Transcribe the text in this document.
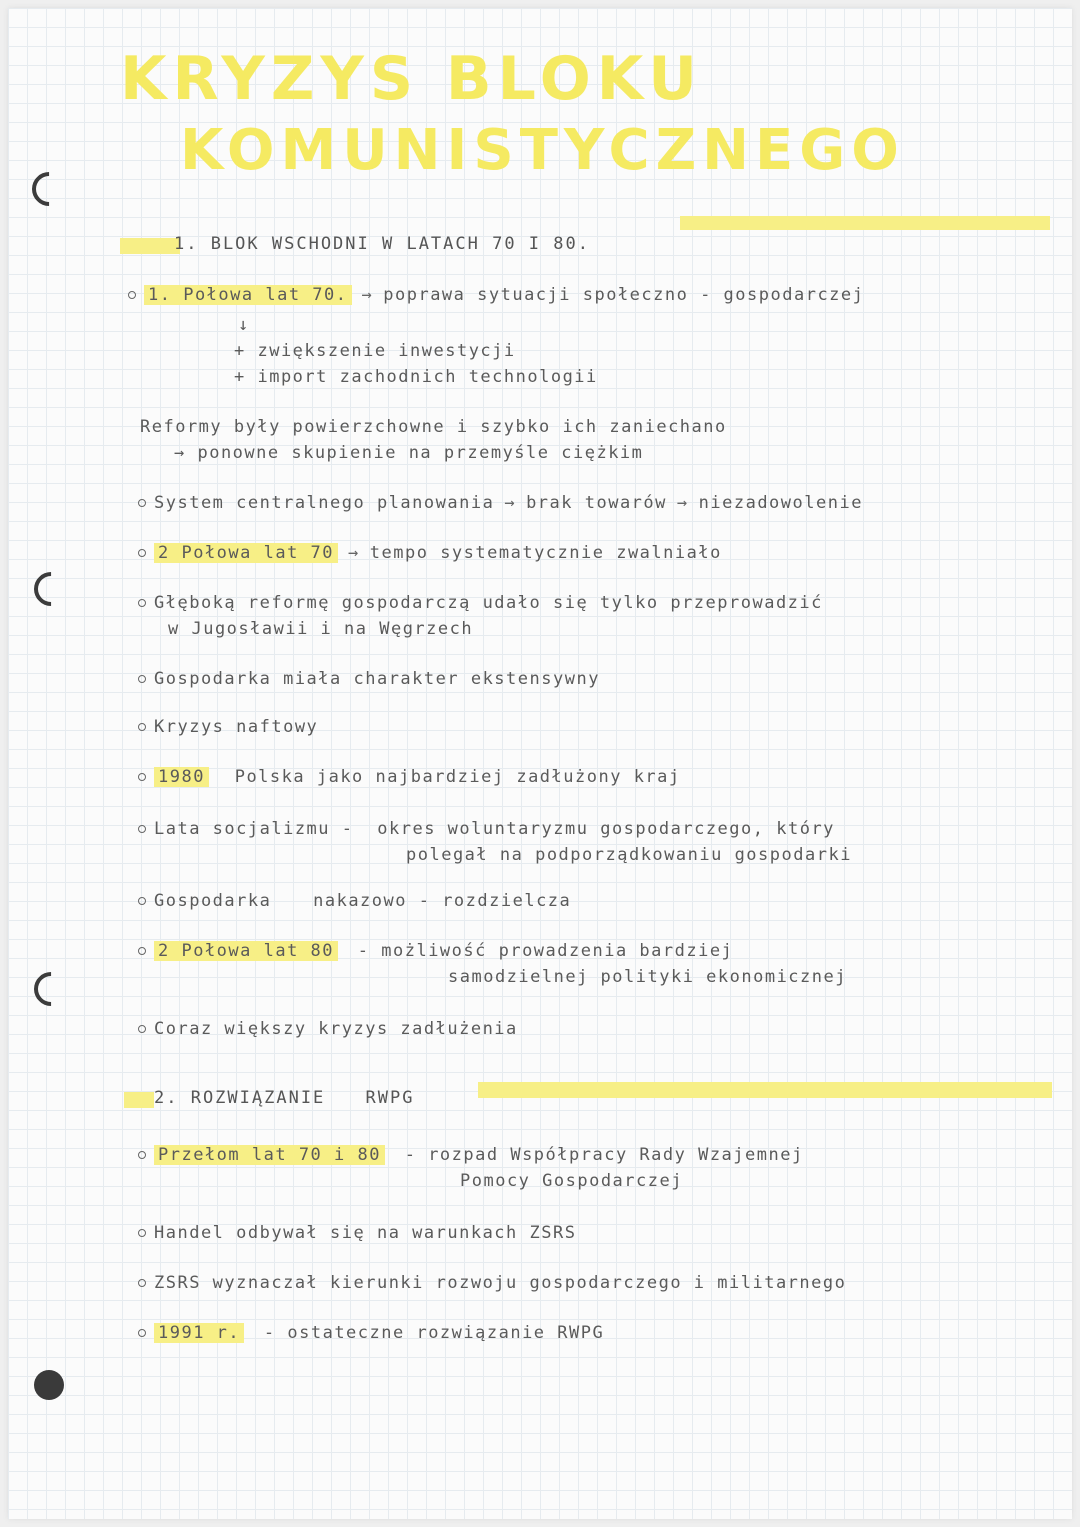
KRYZYS BLOKU
KOMUNISTYCZNEGO
1. BLOK WSCHODNI W LATACH 70 I 80.
1. Połowa lat 70. → poprawa sytuacji społeczno - gospodarczej
↓
+ zwiększenie inwestycji
+ import zachodnich technologii
Reformy były powierzchowne i szybko ich zaniechano
→ ponowne skupienie na przemyśle ciężkim
System centralnego planowania → brak towarów → niezadowolenie
2 Połowa lat 70 → tempo systematycznie zwalniało
Głęboką reformę gospodarczą udało się tylko przeprowadzić
w Jugosławii i na Węgrzech
Gospodarka miała charakter ekstensywny
Kryzys naftowy
1980 Polska jako najbardziej zadłużony kraj
Lata socjalizmu - okres woluntaryzmu gospodarczego, który
polegał na podporządkowaniu gospodarki
Gospodarka nakazowo - rozdzielcza
2 Połowa lat 80 - możliwość prowadzenia bardziej
samodzielnej polityki ekonomicznej
Coraz większy kryzys zadłużenia
2. ROZWIĄZANIE RWPG
Przełom lat 70 i 80 - rozpad Współpracy Rady Wzajemnej
Pomocy Gospodarczej
Handel odbywał się na warunkach ZSRS
ZSRS wyznaczał kierunki rozwoju gospodarczego i militarnego
1991 r. - ostateczne rozwiązanie RWPG
